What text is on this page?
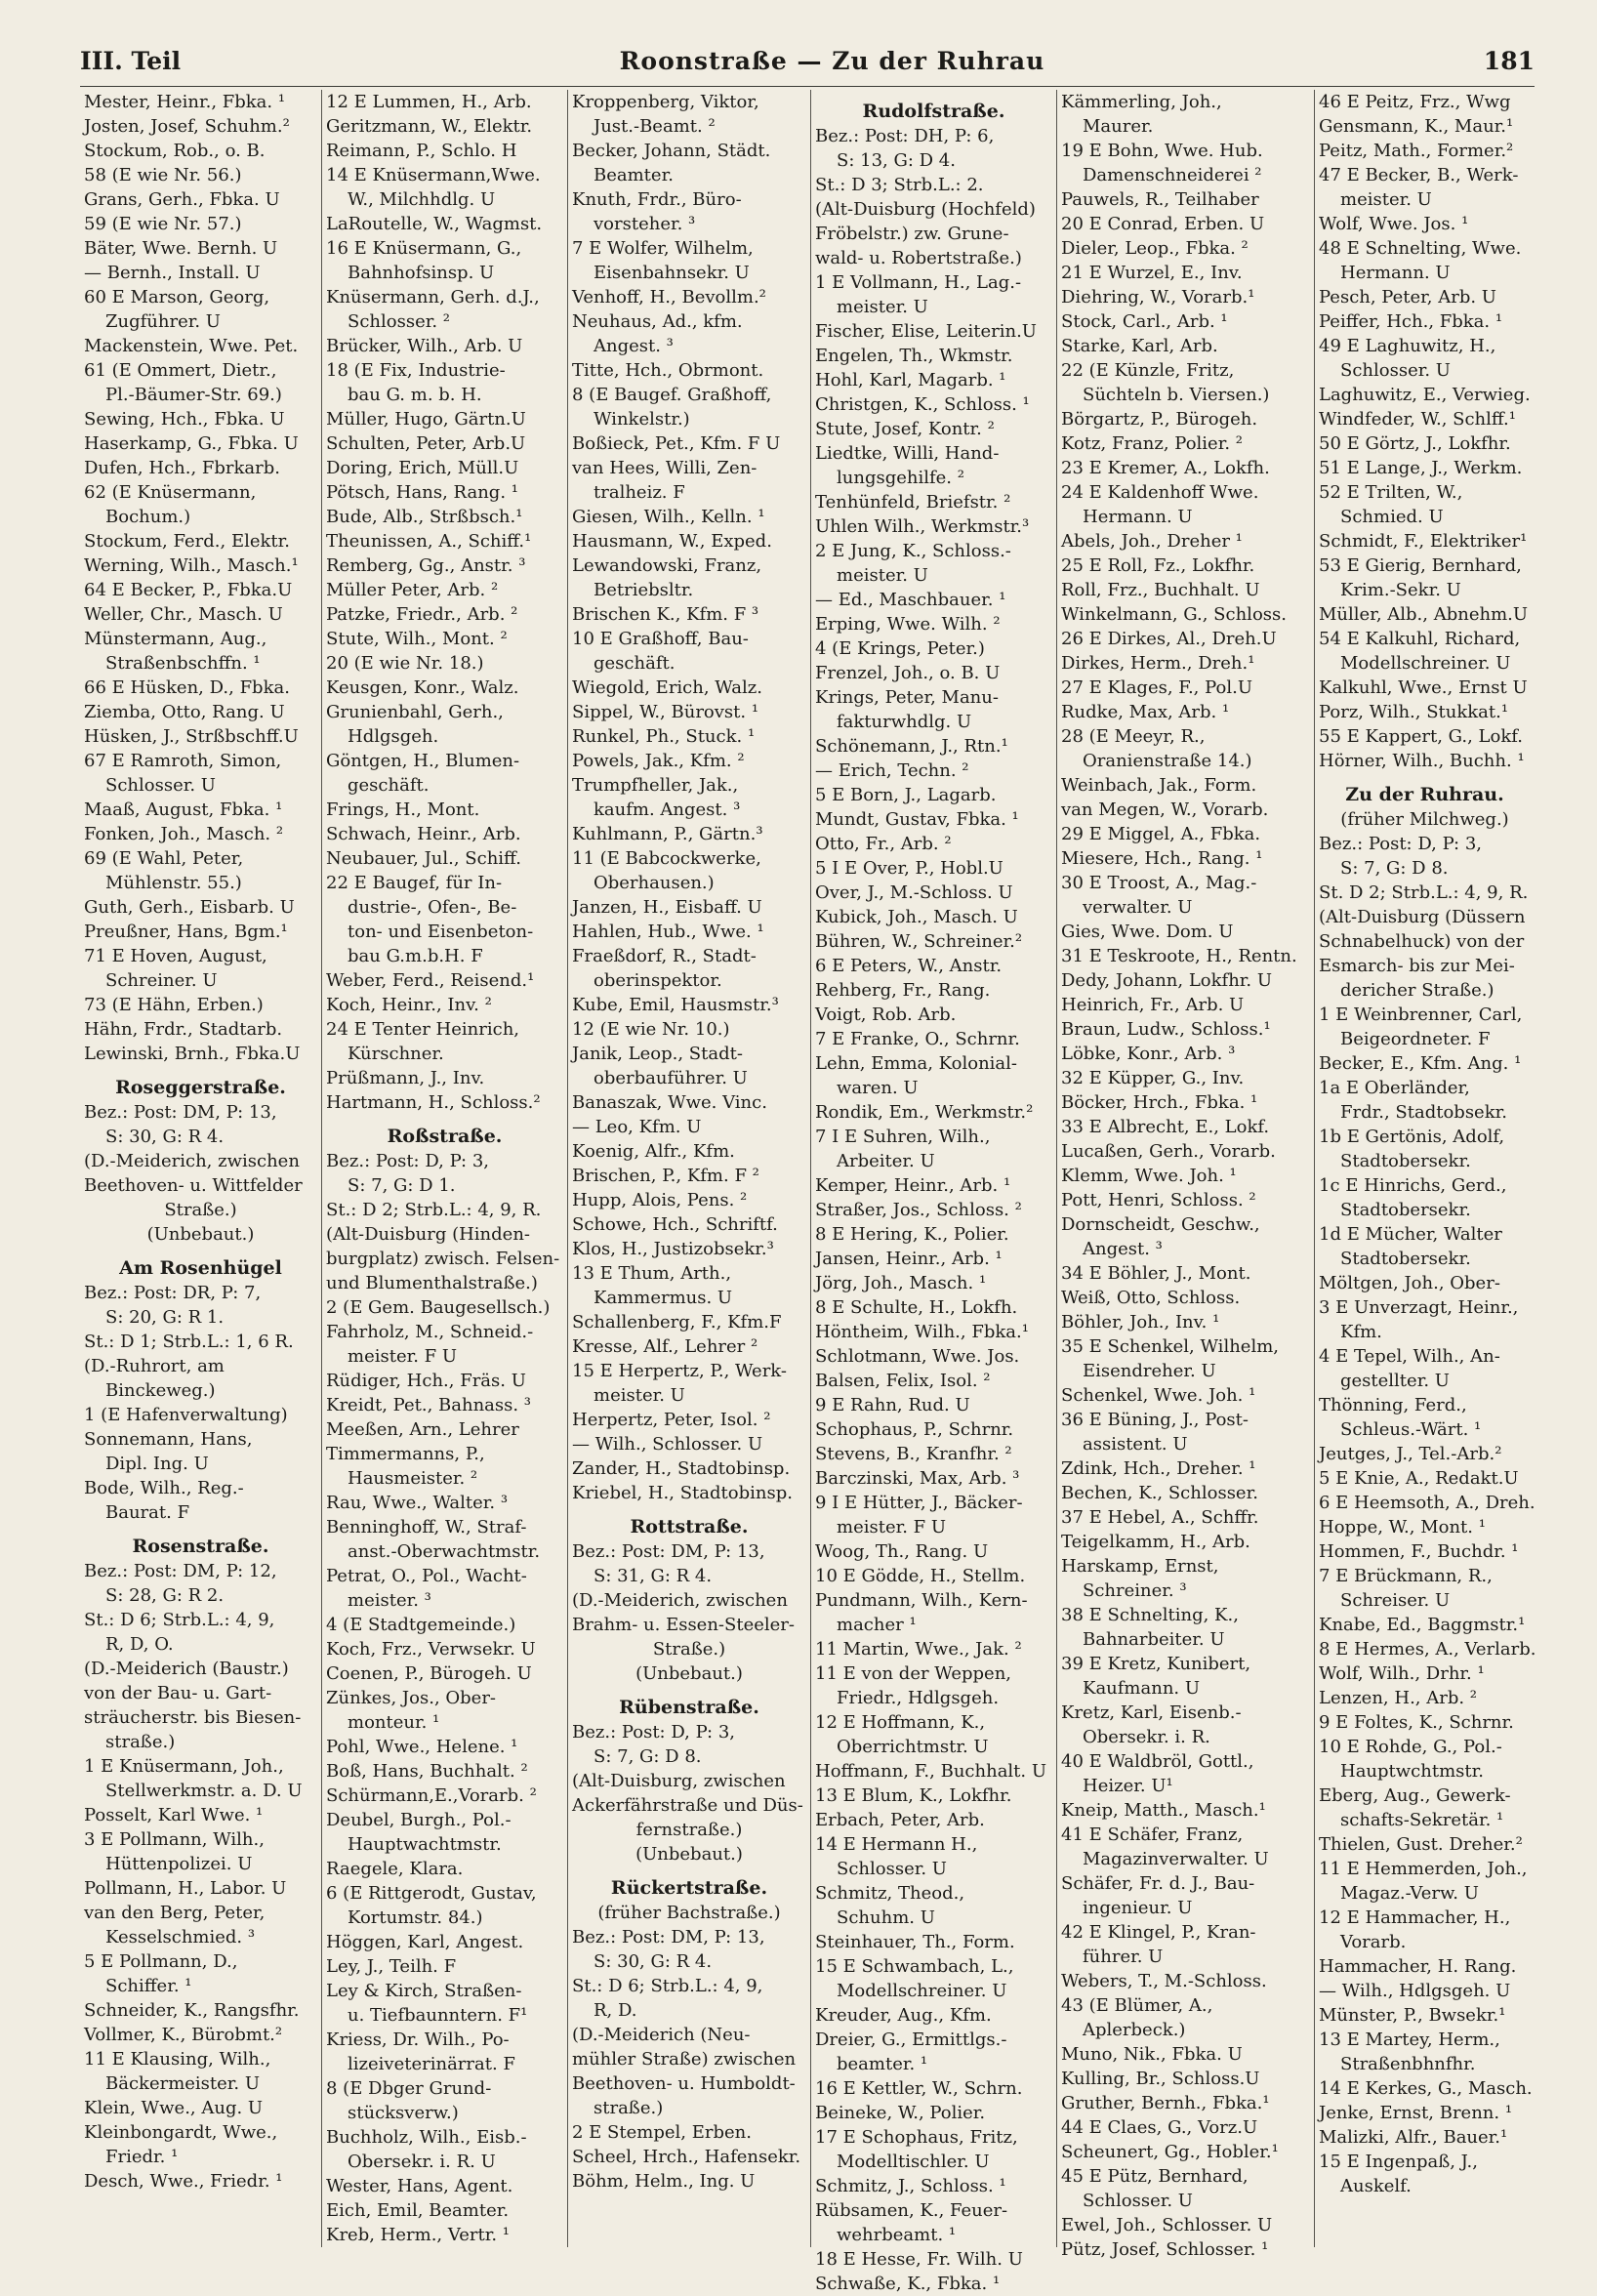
III. Teil	Roonstraße — Zu der Ruhrau	181
Mester, Heinr., Fbka. ¹
Josten, Josef, Schuhm.²
Stockum, Rob., o. B.
58 (E wie Nr. 56.)
Grans, Gerh., Fbka. U
59 (E wie Nr. 57.)
Bäter, Wwe. Bernh. U
— Bernh., Install. U
60 E Marson, Georg,
Zugführer. U
Mackenstein, Wwe. Pet.
61 (E Ommert, Dietr.,
Pl.-Bäumer-Str. 69.)
Sewing, Hch., Fbka. U
Haserkamp, G., Fbka. U
Dufen, Hch., Fbrkarb.
62 (E Knüsermann,
Bochum.)
Stockum, Ferd., Elektr.
Werning, Wilh., Masch.¹
64 E Becker, P., Fbka.U
Weller, Chr., Masch. U
Münstermann, Aug.,
Straßenbschffn. ¹
66 E Hüsken, D., Fbka.
Ziemba, Otto, Rang. U
Hüsken, J., Strßbschff.U
67 E Ramroth, Simon,
Schlosser. U
Maaß, August, Fbka. ¹
Fonken, Joh., Masch. ²
69 (E Wahl, Peter,
Mühlenstr. 55.)
Guth, Gerh., Eisbarb. U
Preußner, Hans, Bgm.¹
71 E Hoven, August,
Schreiner. U
73 (E Hähn, Erben.)
Hähn, Frdr., Stadtarb.
Lewinski, Brnh., Fbka.U
Roseggerstraße.
Bez.: Post: DM, P: 13,
S: 30, G: R 4.
(D.-Meiderich, zwischen
Beethoven- u. Wittfelder
Straße.)
(Unbebaut.)
Am Rosenhügel
Bez.: Post: DR, P: 7,
S: 20, G: R 1.
St.: D 1; Strb.L.: 1, 6 R.
(D.-Ruhrort, am
Binckeweg.)
1 (E Hafenverwaltung)
Sonnemann, Hans,
Dipl. Ing. U
Bode, Wilh., Reg.-
Baurat. F
Rosenstraße.
Bez.: Post: DM, P: 12,
S: 28, G: R 2.
St.: D 6; Strb.L.: 4, 9,
R, D, O.
(D.-Meiderich (Baustr.)
von der Bau- u. Gart-
sträucherstr. bis Biesen-
straße.)
1 E Knüsermann, Joh.,
Stellwerkmstr. a. D. U
Posselt, Karl Wwe. ¹
3 E Pollmann, Wilh.,
Hüttenpolizei. U
Pollmann, H., Labor. U
van den Berg, Peter,
Kesselschmied. ³
5 E Pollmann, D.,
Schiffer. ¹
Schneider, K., Rangsfhr.
Vollmer, K., Bürobmt.²
11 E Klausing, Wilh.,
Bäckermeister. U
Klein, Wwe., Aug. U
Kleinbongardt, Wwe.,
Friedr. ¹
Desch, Wwe., Friedr. ¹
12 E Lummen, H., Arb.
Geritzmann, W., Elektr.
Reimann, P., Schlo. H
14 E Knüsermann,Wwe.
W., Milchhdlg. U
LaRoutelle, W., Wagmst.
16 E Knüsermann, G.,
Bahnhofsinsp. U
Knüsermann, Gerh. d.J.,
Schlosser. ²
Brücker, Wilh., Arb. U
18 (E Fix, Industrie-
bau G. m. b. H.
Müller, Hugo, Gärtn.U
Schulten, Peter, Arb.U
Doring, Erich, Müll.U
Pötsch, Hans, Rang. ¹
Bude, Alb., Strßbsch.¹
Theunissen, A., Schiff.¹
Remberg, Gg., Anstr. ³
Müller Peter, Arb. ²
Patzke, Friedr., Arb. ²
Stute, Wilh., Mont. ²
20 (E wie Nr. 18.)
Keusgen, Konr., Walz.
Grunienbahl, Gerh.,
Hdlgsgeh.
Göntgen, H., Blumen-
geschäft.
Frings, H., Mont.
Schwach, Heinr., Arb.
Neubauer, Jul., Schiff.
22 E Baugef, für In-
dustrie-, Ofen-, Be-
ton- und Eisenbeton-
bau G.m.b.H. F
Weber, Ferd., Reisend.¹
Koch, Heinr., Inv. ²
24 E Tenter Heinrich,
Kürschner.
Prüßmann, J., Inv.
Hartmann, H., Schloss.²
Roßstraße.
Bez.: Post: D, P: 3,
S: 7, G: D 1.
St.: D 2; Strb.L.: 4, 9, R.
(Alt-Duisburg (Hinden-
burgplatz) zwisch. Felsen-
und Blumenthalstraße.)
2 (E Gem. Baugesellsch.)
Fahrholz, M., Schneid.-
meister. F U
Rüdiger, Hch., Fräs. U
Kreidt, Pet., Bahnass. ³
Meeßen, Arn., Lehrer
Timmermanns, P.,
Hausmeister. ²
Rau, Wwe., Walter. ³
Benninghoff, W., Straf-
anst.-Oberwachtmstr.
Petrat, O., Pol., Wacht-
meister. ³
4 (E Stadtgemeinde.)
Koch, Frz., Verwsekr. U
Coenen, P., Bürogeh. U
Zünkes, Jos., Ober-
monteur. ¹
Pohl, Wwe., Helene. ¹
Boß, Hans, Buchhalt. ²
Schürmann,E.,Vorarb. ²
Deubel, Burgh., Pol.-
Hauptwachtmstr.
Raegele, Klara.
6 (E Rittgerodt, Gustav,
Kortumstr. 84.)
Höggen, Karl, Angest.
Ley, J., Teilh. F
Ley & Kirch, Straßen-
u. Tiefbaunntern. F¹
Kriess, Dr. Wilh., Po-
lizeiveterinärrat. F
8 (E Dbger Grund-
stücksverw.)
Buchholz, Wilh., Eisb.-
Obersekr. i. R. U
Wester, Hans, Agent.
Eich, Emil, Beamter.
Kreb, Herm., Vertr. ¹
Kroppenberg, Viktor,
Just.-Beamt. ²
Becker, Johann, Städt.
Beamter.
Knuth, Frdr., Büro-
vorsteher. ³
7 E Wolfer, Wilhelm,
Eisenbahnsekr. U
Venhoff, H., Bevollm.²
Neuhaus, Ad., kfm.
Angest. ³
Titte, Hch., Obrmont.
8 (E Baugef. Graßhoff,
Winkelstr.)
Boßieck, Pet., Kfm. F U
van Hees, Willi, Zen-
tralheiz. F
Giesen, Wilh., Kelln. ¹
Hausmann, W., Exped.
Lewandowski, Franz,
Betriebsltr.
Brischen K., Kfm. F ³
10 E Graßhoff, Bau-
geschäft.
Wiegold, Erich, Walz.
Sippel, W., Bürovst. ¹
Runkel, Ph., Stuck. ¹
Powels, Jak., Kfm. ²
Trumpfheller, Jak.,
kaufm. Angest. ³
Kuhlmann, P., Gärtn.³
11 (E Babcockwerke,
Oberhausen.)
Janzen, H., Eisbaff. U
Hahlen, Hub., Wwe. ¹
Fraeßdorf, R., Stadt-
oberinspektor.
Kube, Emil, Hausmstr.³
12 (E wie Nr. 10.)
Janik, Leop., Stadt-
oberbauführer. U
Banaszak, Wwe. Vinc.
— Leo, Kfm. U
Koenig, Alfr., Kfm.
Brischen, P., Kfm. F ²
Hupp, Alois, Pens. ²
Schowe, Hch., Schriftf.
Klos, H., Justizobsekr.³
13 E Thum, Arth.,
Kammermus. U
Schallenberg, F., Kfm.F
Kresse, Alf., Lehrer ²
15 E Herpertz, P., Werk-
meister. U
Herpertz, Peter, Isol. ²
— Wilh., Schlosser. U
Zander, H., Stadtobinsp.
Kriebel, H., Stadtobinsp.
Rottstraße.
Bez.: Post: DM, P: 13,
S: 31, G: R 4.
(D.-Meiderich, zwischen
Brahm- u. Essen-Steeler-
Straße.)
(Unbebaut.)
Rübenstraße.
Bez.: Post: D, P: 3,
S: 7, G: D 8.
(Alt-Duisburg, zwischen
Ackerfährstraße und Düs-
fernstraße.)
(Unbebaut.)
Rückertstraße.
(früher Bachstraße.)
Bez.: Post: DM, P: 13,
S: 30, G: R 4.
St.: D 6; Strb.L.: 4, 9,
R, D.
(D.-Meiderich (Neu-
mühler Straße) zwischen
Beethoven- u. Humboldt-
straße.)
2 E Stempel, Erben.
Scheel, Hrch., Hafensekr.
Böhm, Helm., Ing. U
Rudolfstraße.
Bez.: Post: DH, P: 6,
S: 13, G: D 4.
St.: D 3; Strb.L.: 2.
(Alt-Duisburg (Hochfeld)
Fröbelstr.) zw. Grune-
wald- u. Robertstraße.)
1 E Vollmann, H., Lag.-
meister. U
Fischer, Elise, Leiterin.U
Engelen, Th., Wkmstr.
Hohl, Karl, Magarb. ¹
Christgen, K., Schloss. ¹
Stute, Josef, Kontr. ²
Liedtke, Willi, Hand-
lungsgehilfe. ²
Tenhünfeld, Briefstr. ²
Uhlen Wilh., Werkmstr.³
2 E Jung, K., Schloss.-
meister. U
— Ed., Maschbauer. ¹
Erping, Wwe. Wilh. ²
4 (E Krings, Peter.)
Frenzel, Joh., o. B. U
Krings, Peter, Manu-
fakturwhdlg. U
Schönemann, J., Rtn.¹
— Erich, Techn. ²
5 E Born, J., Lagarb.
Mundt, Gustav, Fbka. ¹
Otto, Fr., Arb. ²
5 I E Over, P., Hobl.U
Over, J., M.-Schloss. U
Kubick, Joh., Masch. U
Bühren, W., Schreiner.²
6 E Peters, W., Anstr.
Rehberg, Fr., Rang.
Voigt, Rob. Arb.
7 E Franke, O., Schrnr.
Lehn, Emma, Kolonial-
waren. U
Rondik, Em., Werkmstr.²
7 I E Suhren, Wilh.,
Arbeiter. U
Kemper, Heinr., Arb. ¹
Straßer, Jos., Schloss. ²
8 E Hering, K., Polier.
Jansen, Heinr., Arb. ¹
Jörg, Joh., Masch. ¹
8 E Schulte, H., Lokfh.
Höntheim, Wilh., Fbka.¹
Schlotmann, Wwe. Jos.
Balsen, Felix, Isol. ²
9 E Rahn, Rud. U
Schophaus, P., Schrnr.
Stevens, B., Kranfhr. ²
Barczinski, Max, Arb. ³
9 I E Hütter, J., Bäcker-
meister. F U
Woog, Th., Rang. U
10 E Gödde, H., Stellm.
Pundmann, Wilh., Kern-
macher ¹
11 Martin, Wwe., Jak. ²
11 E von der Weppen,
Friedr., Hdlgsgeh.
12 E Hoffmann, K.,
Oberrichtmstr. U
Hoffmann, F., Buchhalt. U
13 E Blum, K., Lokfhr.
Erbach, Peter, Arb.
14 E Hermann H.,
Schlosser. U
Schmitz, Theod.,
Schuhm. U
Steinhauer, Th., Form.
15 E Schwambach, L.,
Modellschreiner. U
Kreuder, Aug., Kfm.
Dreier, G., Ermittlgs.-
beamter. ¹
16 E Kettler, W., Schrn.
Beineke, W., Polier.
17 E Schophaus, Fritz,
Modelltischler. U
Schmitz, J., Schloss. ¹
Rübsamen, K., Feuer-
wehrbeamt. ¹
18 E Hesse, Fr. Wilh. U
Schwaße, K., Fbka. ¹
Kämmerling, Joh.,
Maurer.
19 E Bohn, Wwe. Hub.
Damenschneiderei ²
Pauwels, R., Teilhaber
20 E Conrad, Erben. U
Dieler, Leop., Fbka. ²
21 E Wurzel, E., Inv.
Diehring, W., Vorarb.¹
Stock, Carl., Arb. ¹
Starke, Karl, Arb.
22 (E Künzle, Fritz,
Süchteln b. Viersen.)
Börgartz, P., Bürogeh.
Kotz, Franz, Polier. ²
23 E Kremer, A., Lokfh.
24 E Kaldenhoff Wwe.
Hermann. U
Abels, Joh., Dreher ¹
25 E Roll, Fz., Lokfhr.
Roll, Frz., Buchhalt. U
Winkelmann, G., Schloss.
26 E Dirkes, Al., Dreh.U
Dirkes, Herm., Dreh.¹
27 E Klages, F., Pol.U
Rudke, Max, Arb. ¹
28 (E Meeyr, R.,
Oranienstraße 14.)
Weinbach, Jak., Form.
van Megen, W., Vorarb.
29 E Miggel, A., Fbka.
Miesere, Hch., Rang. ¹
30 E Troost, A., Mag.-
verwalter. U
Gies, Wwe. Dom. U
31 E Teskroote, H., Rentn.
Dedy, Johann, Lokfhr. U
Heinrich, Fr., Arb. U
Braun, Ludw., Schloss.¹
Löbke, Konr., Arb. ³
32 E Küpper, G., Inv.
Böcker, Hrch., Fbka. ¹
33 E Albrecht, E., Lokf.
Lucaßen, Gerh., Vorarb.
Klemm, Wwe. Joh. ¹
Pott, Henri, Schloss. ²
Dornscheidt, Geschw.,
Angest. ³
34 E Böhler, J., Mont.
Weiß, Otto, Schloss.
Böhler, Joh., Inv. ¹
35 E Schenkel, Wilhelm,
Eisendreher. U
Schenkel, Wwe. Joh. ¹
36 E Büning, J., Post-
assistent. U
Zdink, Hch., Dreher. ¹
Bechen, K., Schlosser.
37 E Hebel, A., Schffr.
Teigelkamm, H., Arb.
Harskamp, Ernst,
Schreiner. ³
38 E Schnelting, K.,
Bahnarbeiter. U
39 E Kretz, Kunibert,
Kaufmann. U
Kretz, Karl, Eisenb.-
Obersekr. i. R.
40 E Waldbröl, Gottl.,
Heizer. U¹
Kneip, Matth., Masch.¹
41 E Schäfer, Franz,
Magazinverwalter. U
Schäfer, Fr. d. J., Bau-
ingenieur. U
42 E Klingel, P., Kran-
führer. U
Webers, T., M.-Schloss.
43 (E Blümer, A.,
Aplerbeck.)
Muno, Nik., Fbka. U
Kulling, Br., Schloss.U
Gruther, Bernh., Fbka.¹
44 E Claes, G., Vorz.U
Scheunert, Gg., Hobler.¹
45 E Pütz, Bernhard,
Schlosser. U
Ewel, Joh., Schlosser. U
Pütz, Josef, Schlosser. ¹
46 E Peitz, Frz., Wwg
Gensmann, K., Maur.¹
Peitz, Math., Former.²
47 E Becker, B., Werk-
meister. U
Wolf, Wwe. Jos. ¹
48 E Schnelting, Wwe.
Hermann. U
Pesch, Peter, Arb. U
Peiffer, Hch., Fbka. ¹
49 E Laghuwitz, H.,
Schlosser. U
Laghuwitz, E., Verwieg.
Windfeder, W., Schlff.¹
50 E Görtz, J., Lokfhr.
51 E Lange, J., Werkm.
52 E Trilten, W.,
Schmied. U
Schmidt, F., Elektriker¹
53 E Gierig, Bernhard,
Krim.-Sekr. U
Müller, Alb., Abnehm.U
54 E Kalkuhl, Richard,
Modellschreiner. U
Kalkuhl, Wwe., Ernst U
Porz, Wilh., Stukkat.¹
55 E Kappert, G., Lokf.
Hörner, Wilh., Buchh. ¹
Zu der Ruhrau.
(früher Milchweg.)
Bez.: Post: D, P: 3,
S: 7, G: D 8.
St. D 2; Strb.L.: 4, 9, R.
(Alt-Duisburg (Düssern
Schnabelhuck) von der
Esmarch- bis zur Mei-
dericher Straße.)
1 E Weinbrenner, Carl,
Beigeordneter. F
Becker, E., Kfm. Ang. ¹
1a E Oberländer,
Frdr., Stadtobsekr.
1b E Gertönis, Adolf,
Stadtobersekr.
1c E Hinrichs, Gerd.,
Stadtobersekr.
1d E Mücher, Walter
Stadtobersekr.
Möltgen, Joh., Ober-
3 E Unverzagt, Heinr.,
Kfm.
4 E Tepel, Wilh., An-
gestellter. U
Thönning, Ferd.,
Schleus.-Wärt. ¹
Jeutges, J., Tel.-Arb.²
5 E Knie, A., Redakt.U
6 E Heemsoth, A., Dreh.
Hoppe, W., Mont. ¹
Hommen, F., Buchdr. ¹
7 E Brückmann, R.,
Schreiser. U
Knabe, Ed., Baggmstr.¹
8 E Hermes, A., Verlarb.
Wolf, Wilh., Drhr. ¹
Lenzen, H., Arb. ²
9 E Foltes, K., Schrnr.
10 E Rohde, G., Pol.-
Hauptwchtmstr.
Eberg, Aug., Gewerk-
schafts-Sekretär. ¹
Thielen, Gust. Dreher.²
11 E Hemmerden, Joh.,
Magaz.-Verw. U
12 E Hammacher, H.,
Vorarb.
Hammacher, H. Rang.
— Wilh., Hdlgsgeh. U
Münster, P., Bwsekr.¹
13 E Martey, Herm.,
Straßenbhnfhr.
14 E Kerkes, G., Masch.
Jenke, Ernst, Brenn. ¹
Malizki, Alfr., Bauer.¹
15 E Ingenpaß, J.,
Auskelf.
